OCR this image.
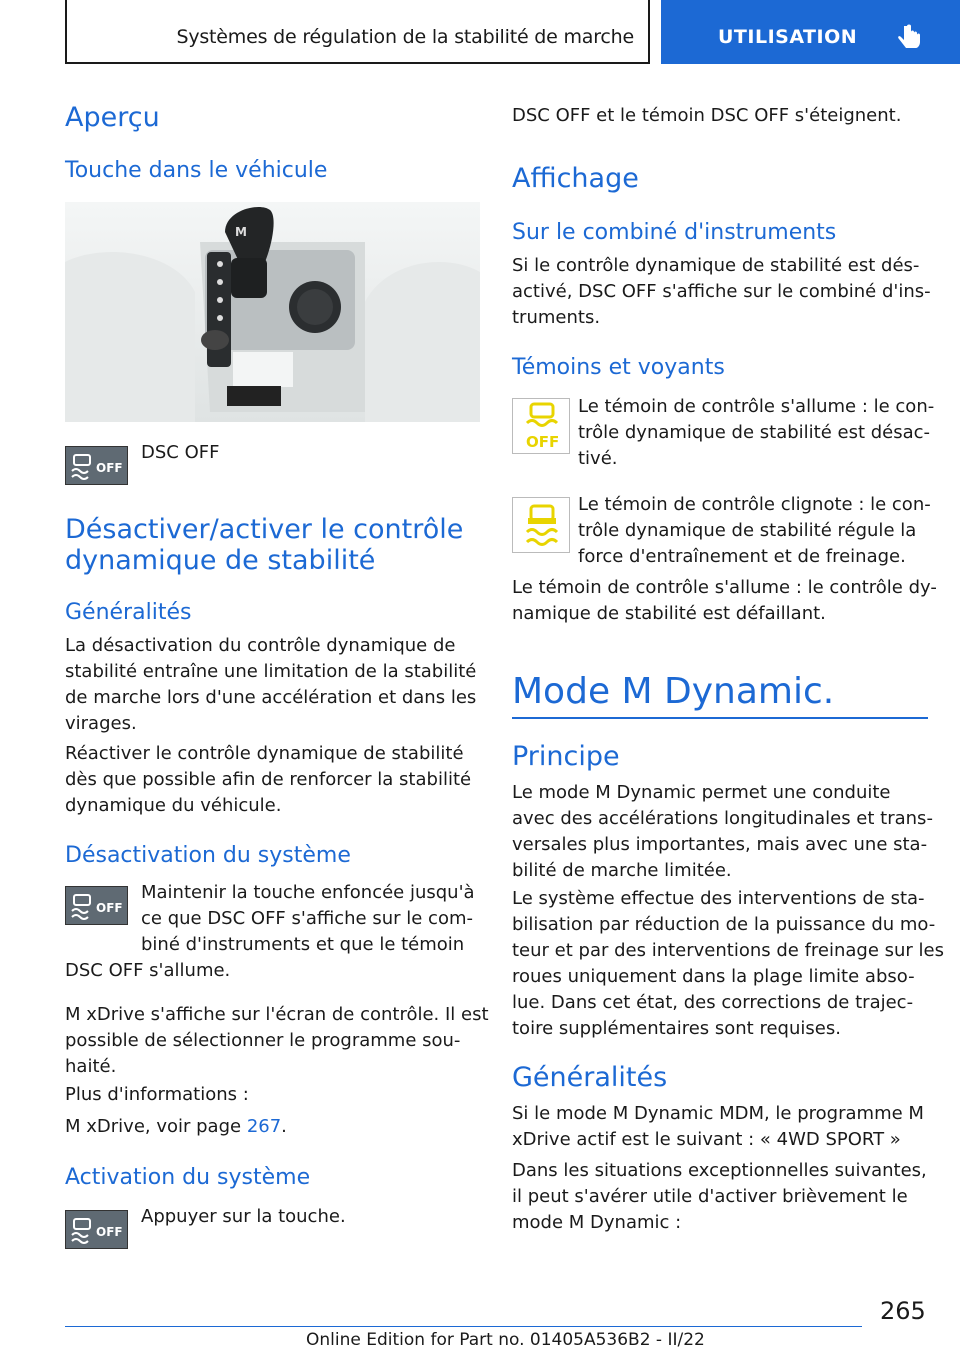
Systèmes de régulation de la stabilité de marche	UTILISATION
Aperçu
Touche dans le véhicule
M
OFF
DSC OFF
Désactiver/activer le contrôle
dynamique de stabilité
Généralités
La désactivation du contrôle dynamique de
stabilité entraîne une limitation de la stabilité
de marche lors d'une accélération et dans les
virages.
Réactiver le contrôle dynamique de stabilité
dès que possible afin de renforcer la stabilité
dynamique du véhicule.
Désactivation du système
OFF
Maintenir la touche enfoncée jusqu'à
ce que DSC OFF s'affiche sur le com-
biné d'instruments et que le témoin
DSC OFF s'allume.
M xDrive s'affiche sur l'écran de contrôle. Il est
possible de sélectionner le programme sou-
haité.
Plus d'informations :
M xDrive, voir page 267.
Activation du système
OFF
Appuyer sur la touche.
DSC OFF et le témoin DSC OFF s'éteignent.
Affichage
Sur le combiné d'instruments
Si le contrôle dynamique de stabilité est dés-
activé, DSC OFF s'affiche sur le combiné d'ins-
truments.
Témoins et voyants
OFF
Le témoin de contrôle s'allume : le con-
trôle dynamique de stabilité est désac-
tivé.
Le témoin de contrôle clignote : le con-
trôle dynamique de stabilité régule la
force d'entraînement et de freinage.
Le témoin de contrôle s'allume : le contrôle dy-
namique de stabilité est défaillant.
Mode M Dynamic.
Principe
Le mode M Dynamic permet une conduite
avec des accélérations longitudinales et trans-
versales plus importantes, mais avec une sta-
bilité de marche limitée.
Le système effectue des interventions de sta-
bilisation par réduction de la puissance du mo-
teur et par des interventions de freinage sur les
roues uniquement dans la plage limite abso-
lue. Dans cet état, des corrections de trajec-
toire supplémentaires sont requises.
Généralités
Si le mode M Dynamic MDM, le programme M
xDrive actif est le suivant : « 4WD SPORT »
Dans les situations exceptionnelles suivantes,
il peut s'avérer utile d'activer brièvement le
mode M Dynamic :
265
Online Edition for Part no. 01405A536B2 - II/22
